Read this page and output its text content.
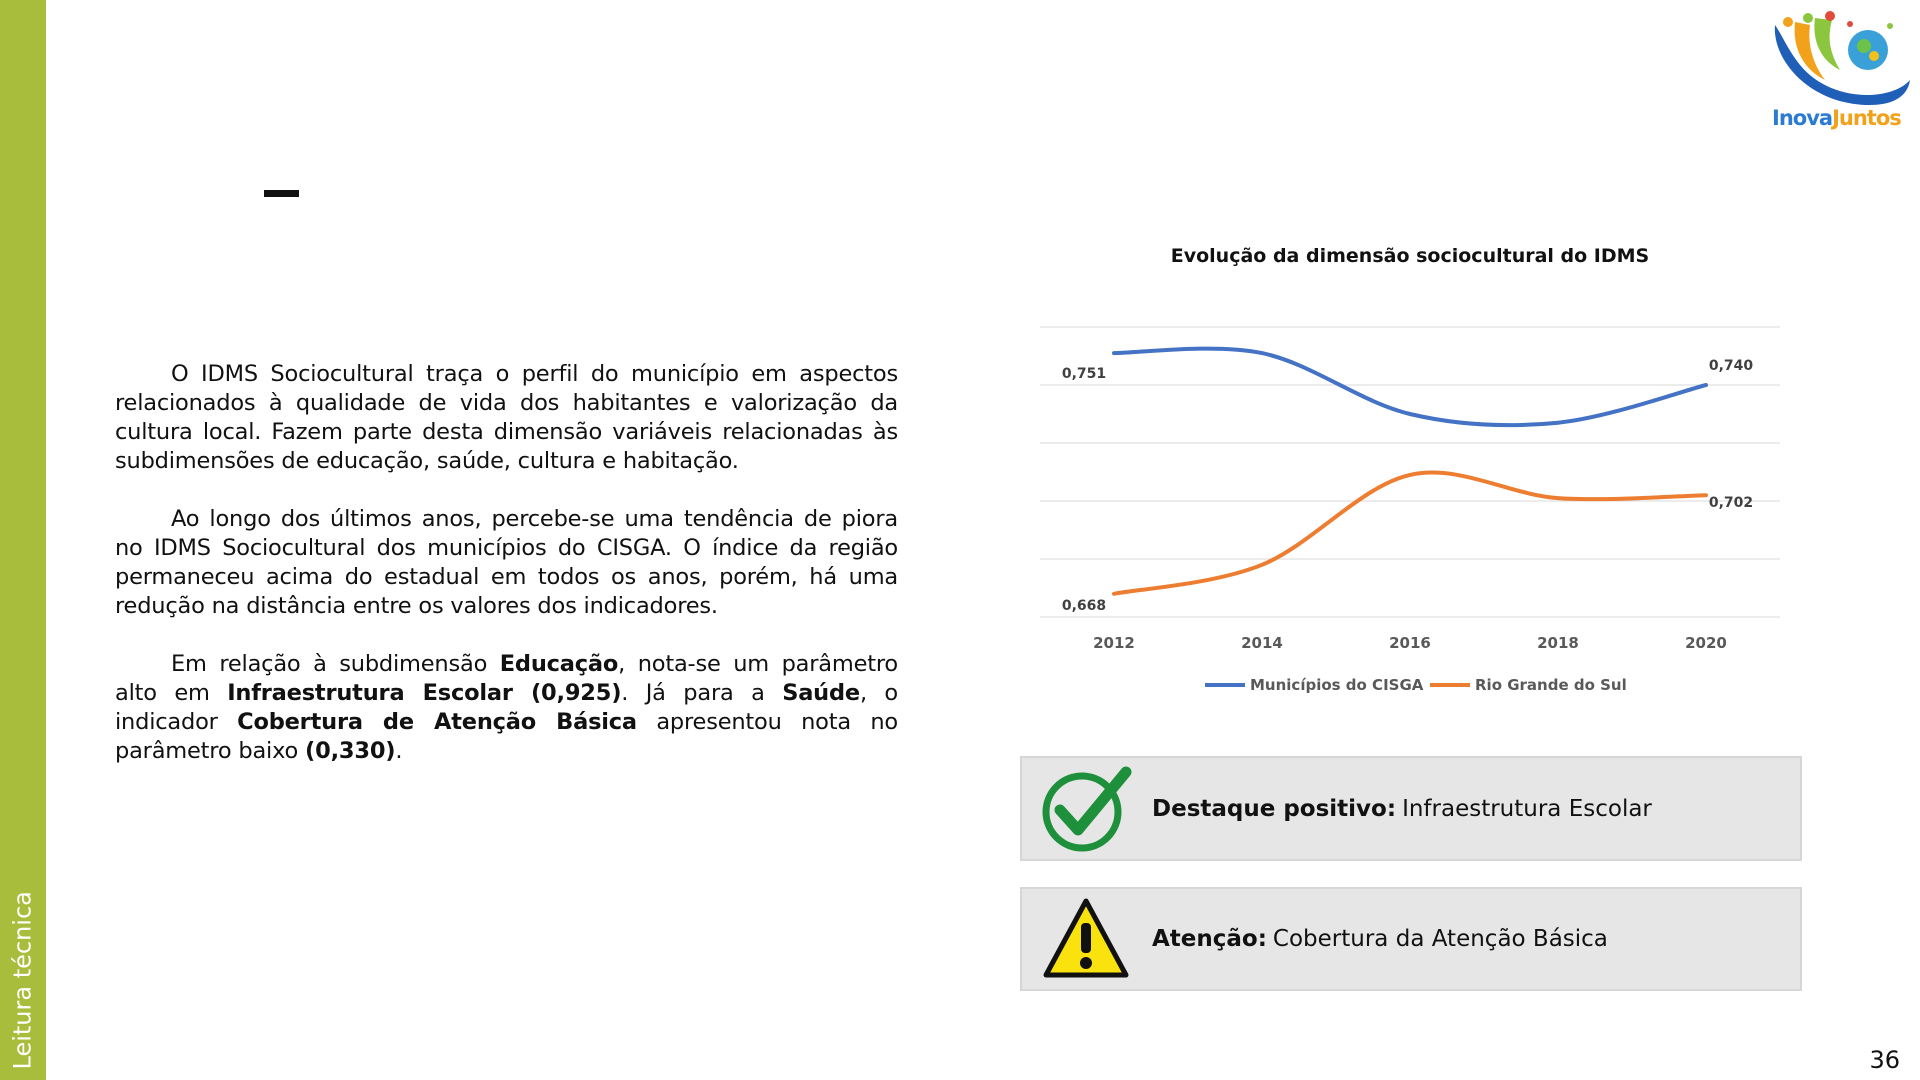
Leitura técnica
InovaJuntos

O IDMS Sociocultural traça o perfil do município em aspectos relacionados à qualidade de vida dos habitantes e valorização da cultura local. Fazem parte desta dimensão variáveis relacionadas às subdimensões de educação, saúde, cultura e habitação.

Ao longo dos últimos anos, percebe-se uma tendência de piora no IDMS Sociocultural dos municípios do CISGA. O índice da região permaneceu acima do estadual em todos os anos, porém, há uma redução na distância entre os valores dos indicadores.

Em relação à subdimensão Educação, nota-se um parâmetro alto em Infraestrutura Escolar (0,925). Já para a Saúde, o indicador Cobertura de Atenção Básica apresentou nota no parâmetro baixo (0,330).

Evolução da dimensão sociocultural do IDMS
2012	2014	2016	2018	2020
0,751
0,740
0,668
0,702
Municípios do CISGA	Rio Grande do Sul
Destaque positivo: Infraestrutura Escolar
Atenção: Cobertura da Atenção Básica
36
